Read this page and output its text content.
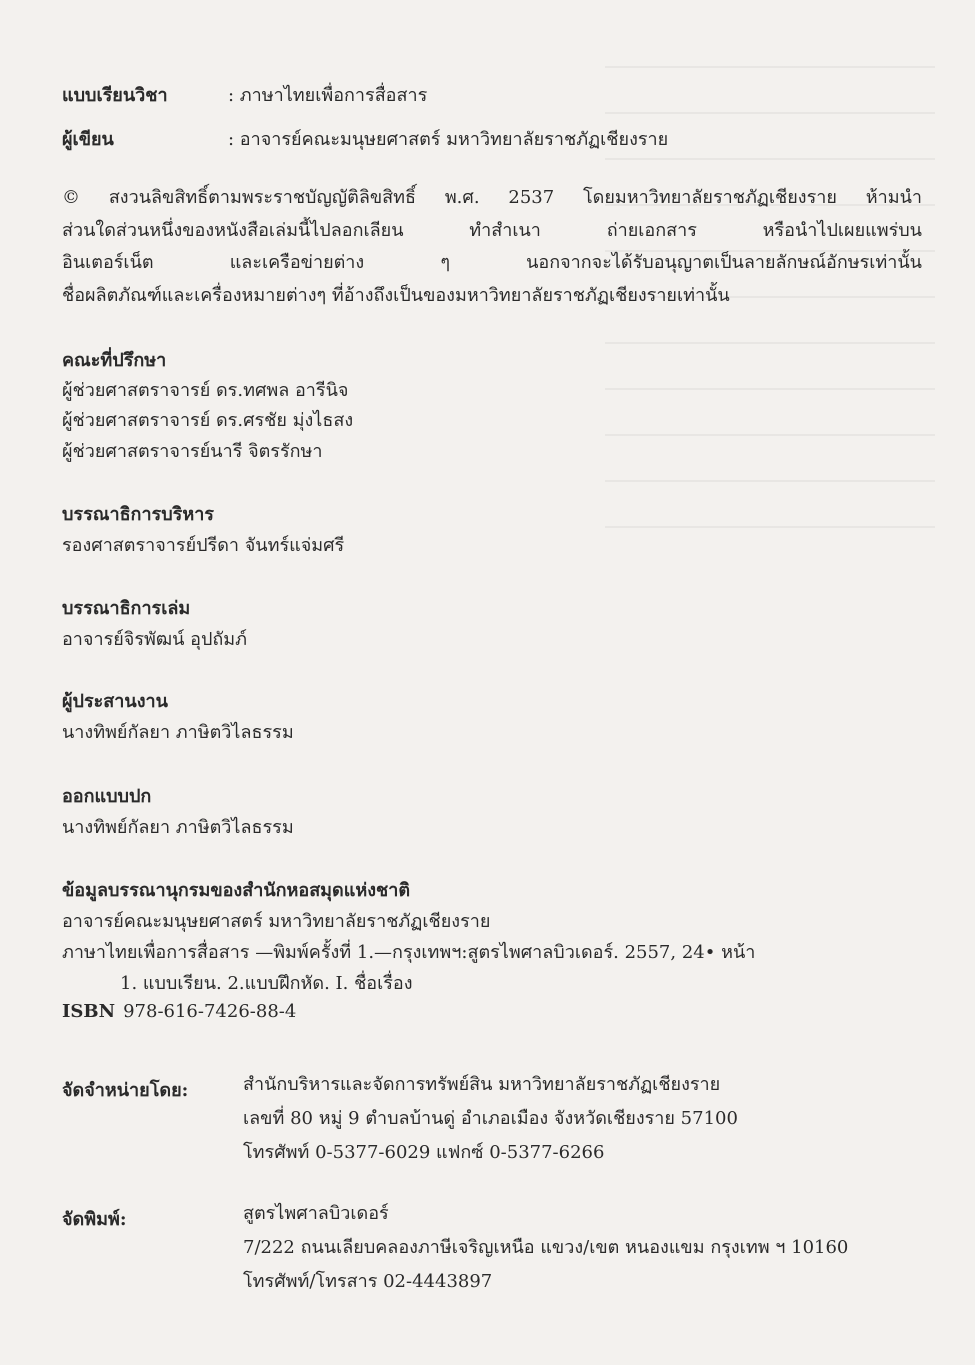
แบบเรียนวิชา	: ภาษาไทยเพื่อการสื่อสาร
ผู้เขียน	: อาจารย์คณะมนุษยศาสตร์ มหาวิทยาลัยราชภัฏเชียงราย
© สงวนลิขสิทธิ์ตามพระราชบัญญัติลิขสิทธิ์ พ.ศ. 2537 โดยมหาวิทยาลัยราชภัฏเชียงราย ห้ามนำ
ส่วนใดส่วนหนึ่งของหนังสือเล่มนี้ไปลอกเลียน ทำสำเนา ถ่ายเอกสาร หรือนำไปเผยแพร่บน
อินเตอร์เน็ต และเครือข่ายต่าง ๆ นอกจากจะได้รับอนุญาตเป็นลายลักษณ์อักษรเท่านั้น
ชื่อผลิตภัณฑ์และเครื่องหมายต่างๆ ที่อ้างถึงเป็นของมหาวิทยาลัยราชภัฏเชียงรายเท่านั้น
คณะที่ปรึกษา
ผู้ช่วยศาสตราจารย์ ดร.ทศพล อารีนิจ
ผู้ช่วยศาสตราจารย์ ดร.ศรชัย มุ่งไธสง
ผู้ช่วยศาสตราจารย์นารี จิตรรักษา
บรรณาธิการบริหาร
รองศาสตราจารย์ปรีดา จันทร์แจ่มศรี
บรรณาธิการเล่ม
อาจารย์จิรพัฒน์ อุปถัมภ์
ผู้ประสานงาน
นางทิพย์กัลยา ภาษิตวิไลธรรม
ออกแบบปก
นางทิพย์กัลยา ภาษิตวิไลธรรม
ข้อมูลบรรณานุกรมของสำนักหอสมุดแห่งชาติ
อาจารย์คณะมนุษยศาสตร์ มหาวิทยาลัยราชภัฏเชียงราย
ภาษาไทยเพื่อการสื่อสาร —พิมพ์ครั้งที่ 1.—กรุงเทพฯ:สูตรไพศาลบิวเดอร์. 2557, 24• หน้า
1. แบบเรียน. 2.แบบฝึกหัด. I. ชื่อเรื่อง
ISBN 978-616-7426-88-4
จัดจำหน่ายโดย:	สำนักบริหารและจัดการทรัพย์สิน มหาวิทยาลัยราชภัฏเชียงราย
เลขที่ 80 หมู่ 9 ตำบลบ้านดู่ อำเภอเมือง จังหวัดเชียงราย 57100
โทรศัพท์ 0-5377-6029 แฟกซ์ 0-5377-6266
จัดพิมพ์:	สูตรไพศาลบิวเดอร์
7/222 ถนนเลียบคลองภาษีเจริญเหนือ แขวง/เขต หนองแขม กรุงเทพ ฯ 10160
โทรศัพท์/โทรสาร 02-4443897
